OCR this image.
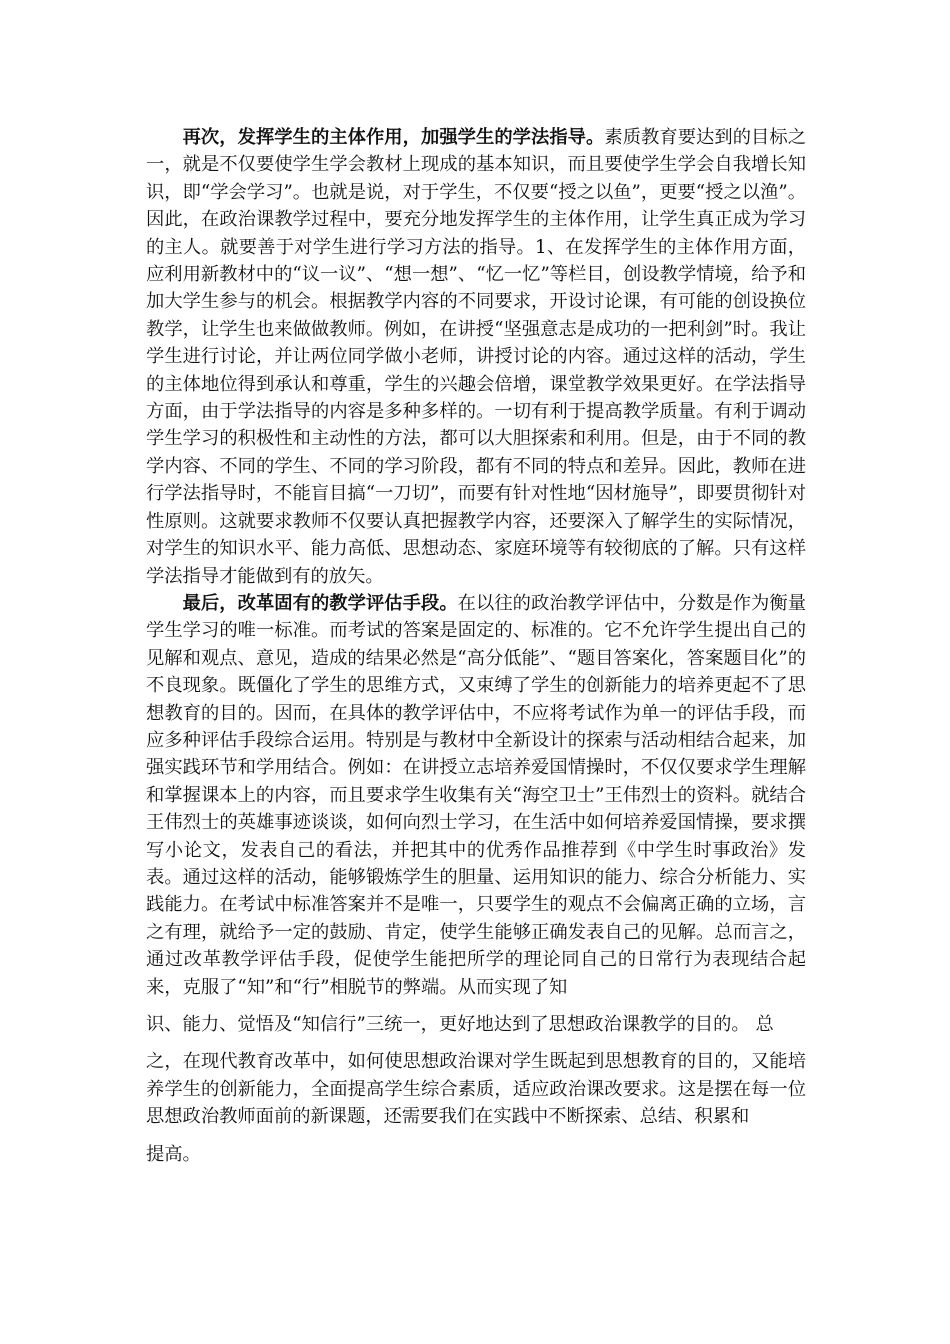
再次，发挥学生的主体作用，加强学生的学法指导。素质教育要达到的目标之一，就是不仅要使学生学会教材上现成的基本知识，而且要使学生学会自我增长知识，即“学会学习”。也就是说，对于学生，不仅要“授之以鱼”，更要“授之以渔”。因此，在政治课教学过程中，要充分地发挥学生的主体作用，让学生真正成为学习的主人。就要善于对学生进行学习方法的指导。1、在发挥学生的主体作用方面，应利用新教材中的“议一议”、“想一想”、“忆一忆”等栏目，创设教学情境，给予和加大学生参与的机会。根据教学内容的不同要求，开设讨论课，有可能的创设换位教学，让学生也来做做教师。例如，在讲授“坚强意志是成功的一把利剑”时。我让学生进行讨论，并让两位同学做小老师，讲授讨论的内容。通过这样的活动，学生的主体地位得到承认和尊重，学生的兴趣会倍增，课堂教学效果更好。在学法指导方面，由于学法指导的内容是多种多样的。一切有利于提高教学质量。有利于调动学生学习的积极性和主动性的方法，都可以大胆探索和利用。但是，由于不同的教学内容、不同的学生、不同的学习阶段，都有不同的特点和差异。因此，教师在进行学法指导时，不能盲目搞“一刀切”，而要有针对性地“因材施导”，即要贯彻针对性原则。这就要求教师不仅要认真把握教学内容，还要深入了解学生的实际情况，对学生的知识水平、能力高低、思想动态、家庭环境等有较彻底的了解。只有这样学法指导才能做到有的放矢。

最后，改革固有的教学评估手段。在以往的政治教学评估中，分数是作为衡量学生学习的唯一标准。而考试的答案是固定的、标准的。它不允许学生提出自己的见解和观点、意见，造成的结果必然是“高分低能”、“题目答案化，答案题目化”的不良现象。既僵化了学生的思维方式，又束缚了学生的创新能力的培养更起不了思想教育的目的。因而，在具体的教学评估中，不应将考试作为单一的评估手段，而应多种评估手段综合运用。特别是与教材中全新设计的探索与活动相结合起来，加强实践环节和学用结合。例如：在讲授立志培养爱国情操时，不仅仅要求学生理解和掌握课本上的内容，而且要求学生收集有关“海空卫士”王伟烈士的资料。就结合王伟烈士的英雄事迹谈谈，如何向烈士学习，在生活中如何培养爱国情操，要求撰写小论文，发表自己的看法，并把其中的优秀作品推荐到《中学生时事政治》发表。通过这样的活动，能够锻炼学生的胆量、运用知识的能力、综合分析能力、实践能力。在考试中标准答案并不是唯一，只要学生的观点不会偏离正确的立场，言之有理，就给予一定的鼓励、肯定，使学生能够正确发表自己的见解。总而言之，通过改革教学评估手段，促使学生能把所学的理论同自己的日常行为表现结合起来，克服了“知”和“行”相脱节的弊端。从而实现了知

识、能力、觉悟及“知信行”三统一，更好地达到了思想政治课教学的目的。 总

之，在现代教育改革中，如何使思想政治课对学生既起到思想教育的目的，又能培养学生的创新能力，全面提高学生综合素质，适应政治课改要求。这是摆在每一位思想政治教师面前的新课题，还需要我们在实践中不断探索、总结、积累和

提高。
